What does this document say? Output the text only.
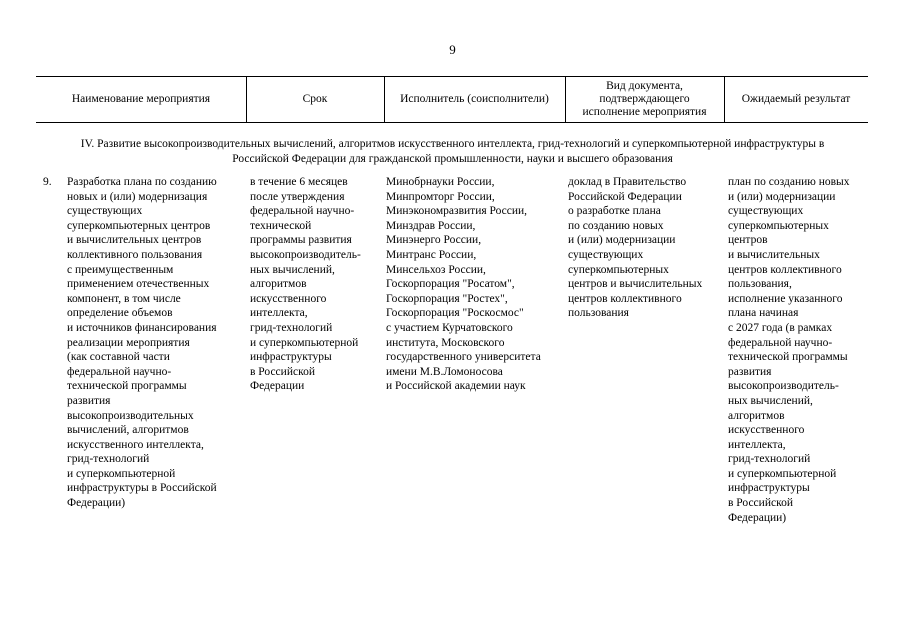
9
Наименование мероприятия	Срок	Исполнитель (соисполнители)
Вид документа,
подтверждающего
исполнение мероприятия
Ожидаемый результат
IV. Развитие высокопроизводительных вычислений, алгоритмов искусственного интеллекта, грид-технологий и суперкомпьютерной инфраструктуры в Российской Федерации для гражданской промышленности, науки и высшего образования
9. Разработка плана по созданию
новых и (или) модернизация
существующих
суперкомпьютерных центров
и вычислительных центров
коллективного пользования
с преимущественным
применением отечественных
компонент, в том числе
определение объемов
и источников финансирования
реализации мероприятия
(как составной части
федеральной научно-
технической программы
развития
высокопроизводительных
вычислений, алгоритмов
искусственного интеллекта,
грид-технологий
и суперкомпьютерной
инфраструктуры в Российской
Федерации)
в течение 6 месяцев
после утверждения
федеральной научно-
технической
программы развития
высокопроизводитель-
ных вычислений,
алгоритмов
искусственного
интеллекта,
грид-технологий
и суперкомпьютерной
инфраструктуры
в Российской
Федерации
Минобрнауки России,
Минпромторг России,
Минэкономразвития России,
Минздрав России,
Минэнерго России,
Минтранс России,
Минсельхоз России,
Госкорпорация "Росатом",
Госкорпорация "Ростех",
Госкорпорация "Роскосмос"
с участием Курчатовского
института, Московского
государственного университета
имени М.В.Ломоносова
и Российской академии наук
доклад в Правительство
Российской Федерации
о разработке плана
по созданию новых
и (или) модернизации
существующих
суперкомпьютерных
центров и вычислительных
центров коллективного
пользования
план по созданию новых
и (или) модернизации
существующих
суперкомпьютерных
центров
и вычислительных
центров коллективного
пользования,
исполнение указанного
плана начиная
с 2027 года (в рамках
федеральной научно-
технической программы
развития
высокопроизводитель-
ных вычислений,
алгоритмов
искусственного
интеллекта,
грид-технологий
и суперкомпьютерной
инфраструктуры
в Российской
Федерации)
